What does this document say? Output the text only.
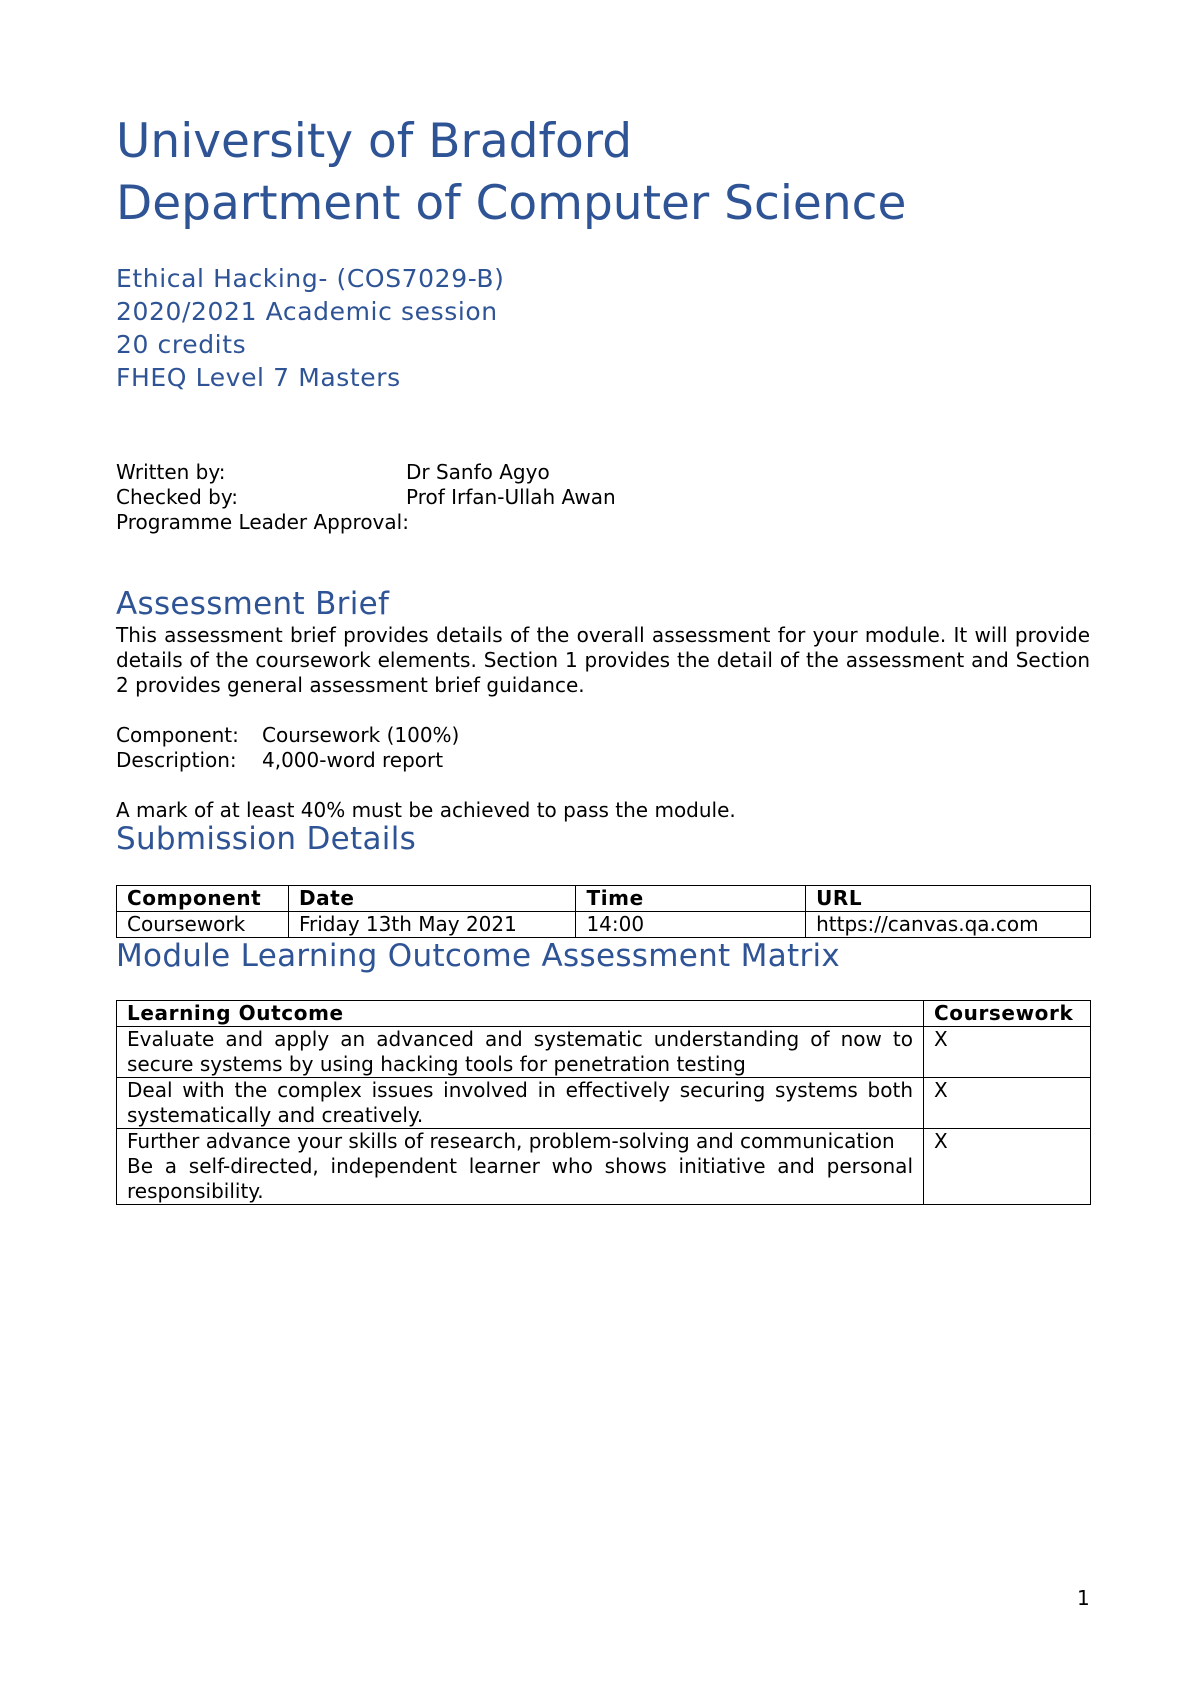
University of Bradford
Department of Computer Science
Ethical Hacking- (COS7029-B)
2020/2021 Academic session
20 credits
FHEQ Level 7 Masters
Written by:	Dr Sanfo Agyo
Checked by:	Prof Irfan-Ullah Awan
Programme Leader Approval:
Assessment Brief

This assessment brief provides details of the overall assessment for your module. It will provide details of the coursework elements. Section 1 provides the detail of the assessment and Section 2 provides general assessment brief guidance.

Component: Coursework (100%)
Description: 4,000-word report

A mark of at least 40% must be achieved to pass the module.

Submission Details
Component	Date	Time	URL
Coursework	Friday 13th May 2021	14:00	https://canvas.qa.com
Module Learning Outcome Assessment Matrix
Learning Outcome	Coursework
Evaluate and apply an advanced and systematic understanding of now to secure systems by using hacking tools for penetration testing	X
Deal with the complex issues involved in effectively securing systems both systematically and creatively.	X

Further advance your skills of research, problem-solving and communication
Be a self-directed, independent learner who shows initiative and personal responsibility.	X
1
